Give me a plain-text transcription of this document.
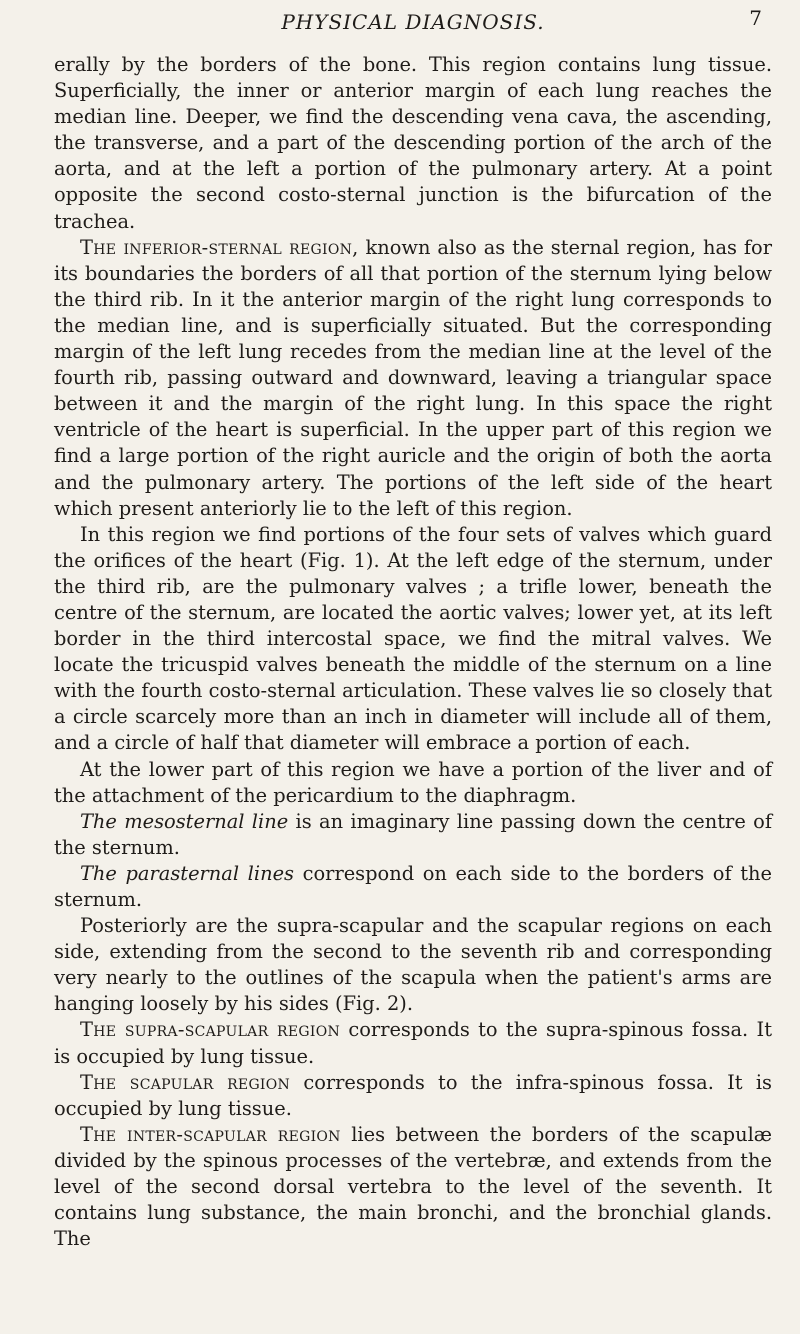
PHYSICAL DIAGNOSIS.	7

erally by the borders of the bone. This region contains lung tissue. Superficially, the inner or anterior margin of each lung reaches the median line. Deeper, we find the descending vena cava, the ascending, the transverse, and a part of the descending portion of the arch of the aorta, and at the left a portion of the pulmonary artery. At a point opposite the second costo-sternal junction is the bifurcation of the trachea.

The inferior-sternal region, known also as the sternal region, has for its boundaries the borders of all that portion of the sternum lying below the third rib. In it the anterior margin of the right lung corresponds to the median line, and is superficially situated. But the corresponding margin of the left lung recedes from the median line at the level of the fourth rib, passing outward and downward, leaving a triangular space between it and the margin of the right lung. In this space the right ventricle of the heart is superficial. In the upper part of this region we find a large portion of the right auricle and the origin of both the aorta and the pulmonary artery. The portions of the left side of the heart which present anteriorly lie to the left of this region.

In this region we find portions of the four sets of valves which guard the orifices of the heart (Fig. 1). At the left edge of the sternum, under the third rib, are the pulmonary valves ; a trifle lower, beneath the centre of the sternum, are located the aortic valves; lower yet, at its left border in the third intercostal space, we find the mitral valves. We locate the tricuspid valves beneath the middle of the sternum on a line with the fourth costo-sternal articulation. These valves lie so closely that a circle scarcely more than an inch in diameter will include all of them, and a circle of half that diameter will embrace a portion of each.

At the lower part of this region we have a portion of the liver and of the attachment of the pericardium to the diaphragm.

The mesosternal line is an imaginary line passing down the centre of the sternum.

The parasternal lines correspond on each side to the borders of the sternum.

Posteriorly are the supra-scapular and the scapular regions on each side, extending from the second to the seventh rib and corresponding very nearly to the outlines of the scapula when the patient's arms are hanging loosely by his sides (Fig. 2).

The supra-scapular region corresponds to the supra-spinous fossa. It is occupied by lung tissue.

The scapular region corresponds to the infra-spinous fossa. It is occupied by lung tissue.

The inter-scapular region lies between the borders of the scapulæ divided by the spinous processes of the vertebræ, and extends from the level of the second dorsal vertebra to the level of the seventh. It contains lung substance, the main bronchi, and the bronchial glands. The
